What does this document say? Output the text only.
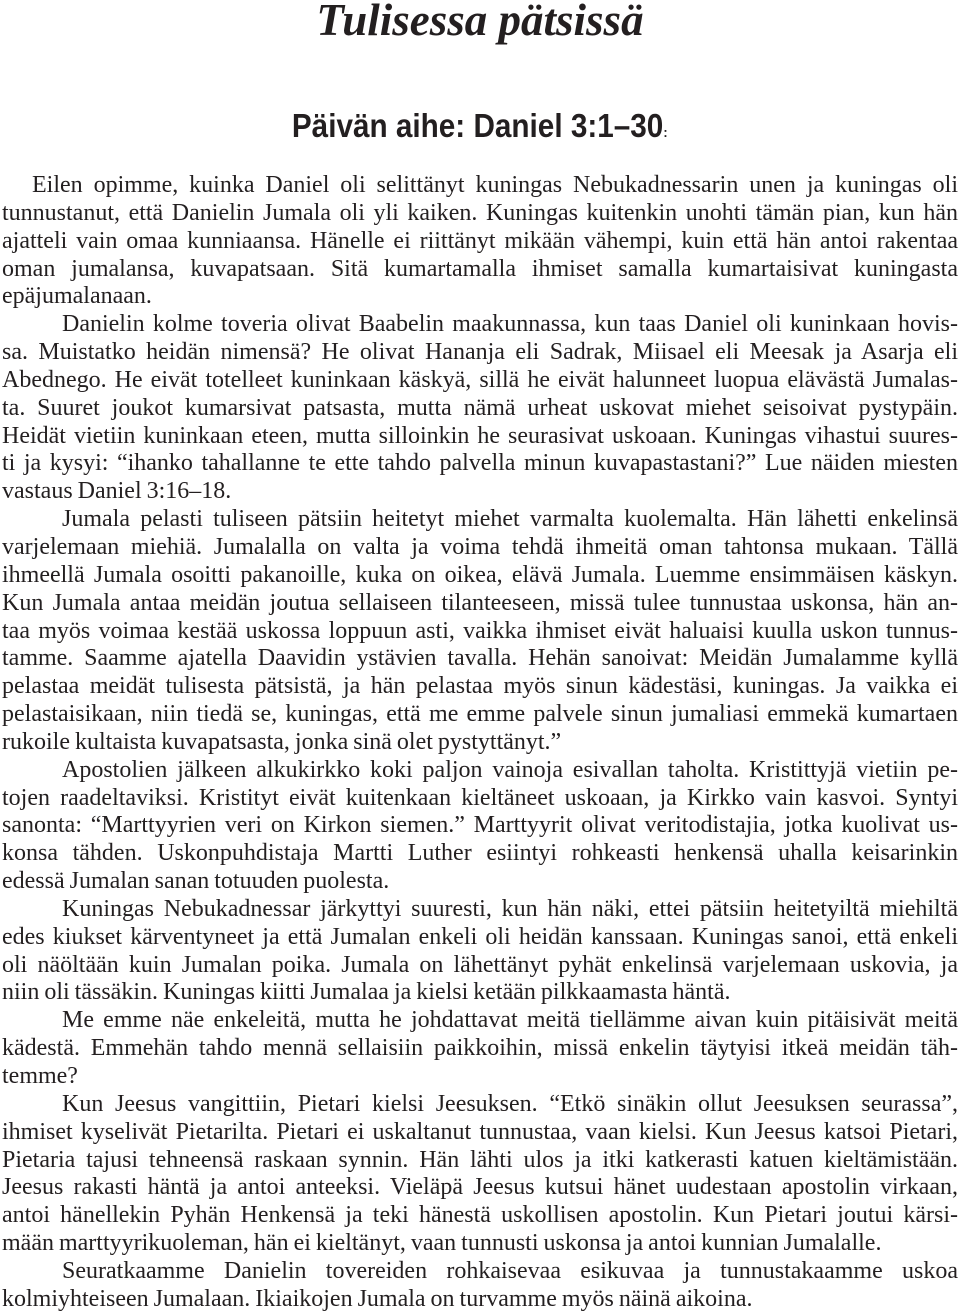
Tulisessa pätsissä
Päivän aihe: Daniel 3:1–30:
Eilen opimme, kuinka Daniel oli selittänyt kuningas Nebukadnessarin unen ja kuningas oli
tunnustanut, että Danielin Jumala oli yli kaiken. Kuningas kuitenkin unohti tämän pian, kun hän
ajatteli vain omaa kunniaansa. Hänelle ei riittänyt mikään vähempi, kuin että hän antoi rakentaa
oman jumalansa, kuvapatsaan. Sitä kumartamalla ihmiset samalla kumartaisivat kuningasta
epäjumalanaan.
Danielin kolme toveria olivat Baabelin maakunnassa, kun taas Daniel oli kuninkaan hovis-
sa. Muistatko heidän nimensä? He olivat Hananja eli Sadrak, Miisael eli Meesak ja Asarja eli
Abednego. He eivät totelleet kuninkaan käskyä, sillä he eivät halunneet luopua elävästä Jumalas-
ta. Suuret joukot kumarsivat patsasta, mutta nämä urheat uskovat miehet seisoivat pystypäin.
Heidät vietiin kuninkaan eteen, mutta silloinkin he seurasivat uskoaan. Kuningas vihastui suures-
ti ja kysyi: “ihanko tahallanne te ette tahdo palvella minun kuvapastastani?” Lue näiden miesten
vastaus Daniel 3:16–18.
Jumala pelasti tuliseen pätsiin heitetyt miehet varmalta kuolemalta. Hän lähetti enkelinsä
varjelemaan miehiä. Jumalalla on valta ja voima tehdä ihmeitä oman tahtonsa mukaan. Tällä
ihmeellä Jumala osoitti pakanoille, kuka on oikea, elävä Jumala. Luemme ensimmäisen käskyn.
Kun Jumala antaa meidän joutua sellaiseen tilanteeseen, missä tulee tunnustaa uskonsa, hän an-
taa myös voimaa kestää uskossa loppuun asti, vaikka ihmiset eivät haluaisi kuulla uskon tunnus-
tamme. Saamme ajatella Daavidin ystävien tavalla. Hehän sanoivat: Meidän Jumalamme kyllä
pelastaa meidät tulisesta pätsistä, ja hän pelastaa myös sinun kädestäsi, kuningas. Ja vaikka ei
pelastaisikaan, niin tiedä se, kuningas, että me emme palvele sinun jumaliasi emmekä kumartaen
rukoile kultaista kuvapatsasta, jonka sinä olet pystyttänyt.”
Apostolien jälkeen alkukirkko koki paljon vainoja esivallan taholta. Kristittyjä vietiin pe-
tojen raadeltaviksi. Kristityt eivät kuitenkaan kieltäneet uskoaan, ja Kirkko vain kasvoi. Syntyi
sanonta: “Marttyyrien veri on Kirkon siemen.” Marttyyrit olivat veritodistajia, jotka kuolivat us-
konsa tähden. Uskonpuhdistaja Martti Luther esiintyi rohkeasti henkensä uhalla keisarinkin
edessä Jumalan sanan totuuden puolesta.
Kuningas Nebukadnessar järkyttyi suuresti, kun hän näki, ettei pätsiin heitetyiltä miehiltä
edes kiukset kärventyneet ja että Jumalan enkeli oli heidän kanssaan. Kuningas sanoi, että enkeli
oli näöltään kuin Jumalan poika. Jumala on lähettänyt pyhät enkelinsä varjelemaan uskovia, ja
niin oli tässäkin. Kuningas kiitti Jumalaa ja kielsi ketään pilkkaamasta häntä.
Me emme näe enkeleitä, mutta he johdattavat meitä tiellämme aivan kuin pitäisivät meitä
kädestä. Emmehän tahdo mennä sellaisiin paikkoihin, missä enkelin täytyisi itkeä meidän täh-
temme?
Kun Jeesus vangittiin, Pietari kielsi Jeesuksen. “Etkö sinäkin ollut Jeesuksen seurassa”,
ihmiset kyselivät Pietarilta. Pietari ei uskaltanut tunnustaa, vaan kielsi. Kun Jeesus katsoi Pietari,
Pietaria tajusi tehneensä raskaan synnin. Hän lähti ulos ja itki katkerasti katuen kieltämistään.
Jeesus rakasti häntä ja antoi anteeksi. Vieläpä Jeesus kutsui hänet uudestaan apostolin virkaan,
antoi hänellekin Pyhän Henkensä ja teki hänestä uskollisen apostolin. Kun Pietari joutui kärsi-
mään marttyyrikuoleman, hän ei kieltänyt, vaan tunnusti uskonsa ja antoi kunnian Jumalalle.
Seuratkaamme Danielin tovereiden rohkaisevaa esikuvaa ja tunnustakaamme uskoa
kolmiyhteiseen Jumalaan. Ikiaikojen Jumala on turvamme myös näinä aikoina.
